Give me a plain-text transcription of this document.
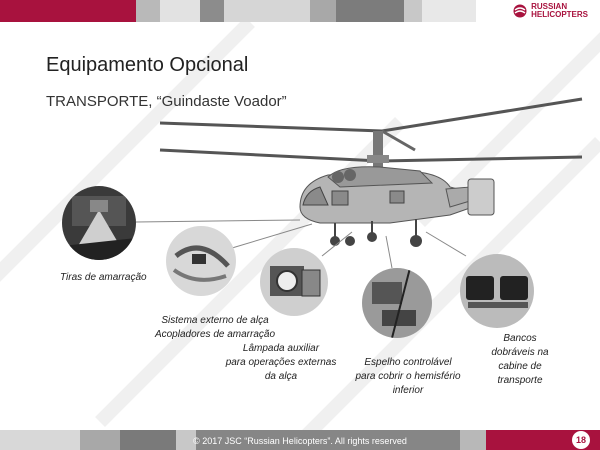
RUSSIAN
HELICOPTERS
Equipamento Opcional
TRANSPORTE, “Guindaste Voador”
Tiras de amarração
Sistema externo de alça
Acopladores de amarração
Lâmpada auxiliar
para operações externas
da alça
Espelho controlável
para cobrir o hemisfério
inferior
Bancos
dobráveis na
cabine de
transporte
© 2017 JSC “Russian Helicopters”. All rights reserved	18
